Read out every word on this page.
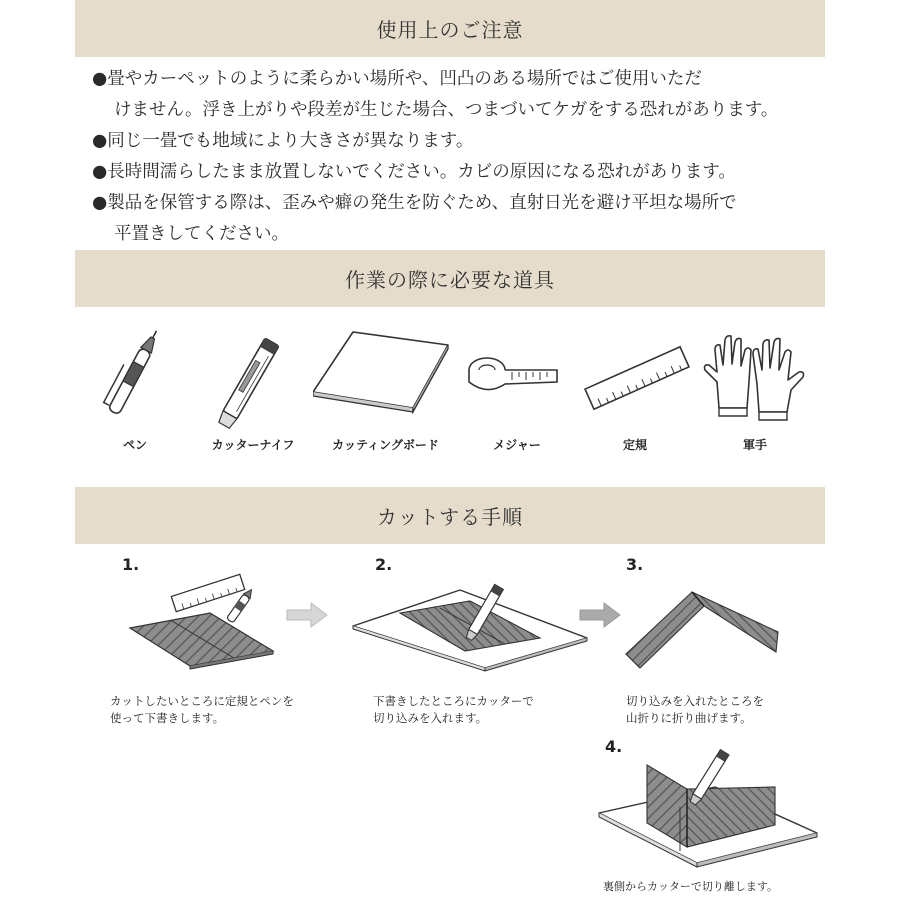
使用上のご注意

●畳やカーペットのように柔らかい場所や、凹凸のある場所ではご使用いただ

けません。浮き上がりや段差が生じた場合、つまづいてケガをする恐れがあります。

●同じ一畳でも地域により大きさが異なります。

●長時間濡らしたまま放置しないでください。カビの原因になる恐れがあります。

●製品を保管する際は、歪みや癖の発生を防ぐため、直射日光を避け平坦な場所で

平置きしてください。

作業の際に必要な道具
ペン	カッターナイフ	カッティングボード	メジャー	定規	軍手
カットする手順
1.
カットしたいところに定規とペンを
使って下書きします。
2.
下書きしたところにカッターで
切り込みを入れます。
3.
切り込みを入れたところを
山折りに折り曲げます。
4.
裏側からカッターで切り離します。
